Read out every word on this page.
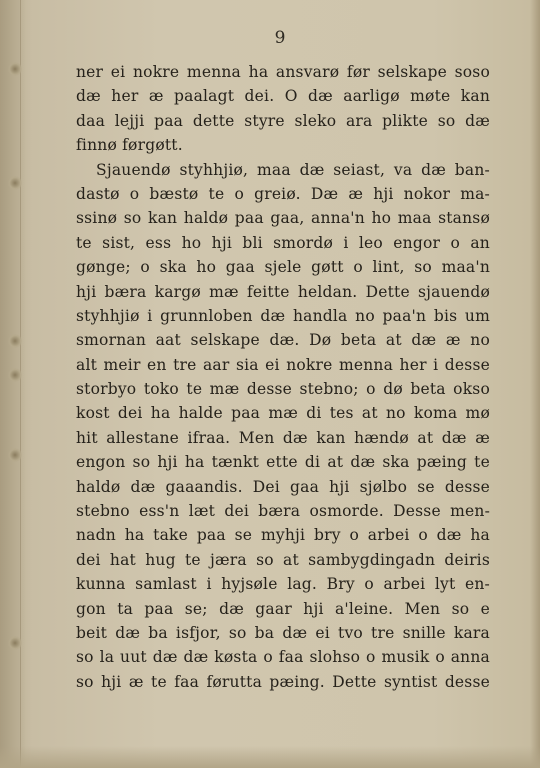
9
ner ei nokre menna ha ansvarø før selskape soso
dæ her æ paalagt dei. O dæ aarligø møte kan
daa lejji paa dette styre sleko ara plikte so dæ
finnø førgøtt.
Sjauendø styhhjiø, maa dæ seiast, va dæ ban-
dastø o bæstø te o greiø. Dæ æ hji nokor ma-
ssinø so kan haldø paa gaa, anna'n ho maa stansø
te sist, ess ho hji bli smordø i leo engor o an
gønge; o ska ho gaa sjele gøtt o lint, so maa'n
hji bæra kargø mæ feitte heldan. Dette sjauendø
styhhjiø i grunnloben dæ handla no paa'n bis um
smornan aat selskape dæ. Dø beta at dæ æ no
alt meir en tre aar sia ei nokre menna her i desse
storbyo toko te mæ desse stebno; o dø beta okso
kost dei ha halde paa mæ di tes at no koma mø
hit allestane ifraa. Men dæ kan hændø at dæ æ
engon so hji ha tænkt ette di at dæ ska pæing te
haldø dæ gaaandis. Dei gaa hji sjølbo se desse
stebno ess'n læt dei bæra osmorde. Desse men-
nadn ha take paa se myhji bry o arbei o dæ ha
dei hat hug te jæra so at sambygdingadn deiris
kunna samlast i hyjsøle lag. Bry o arbei lyt en-
gon ta paa se; dæ gaar hji a'leine. Men so e
beit dæ ba isfjor, so ba dæ ei tvo tre snille kara
so la uut dæ dæ køsta o faa slohso o musik o anna
so hji æ te faa førutta pæing. Dette syntist desse
